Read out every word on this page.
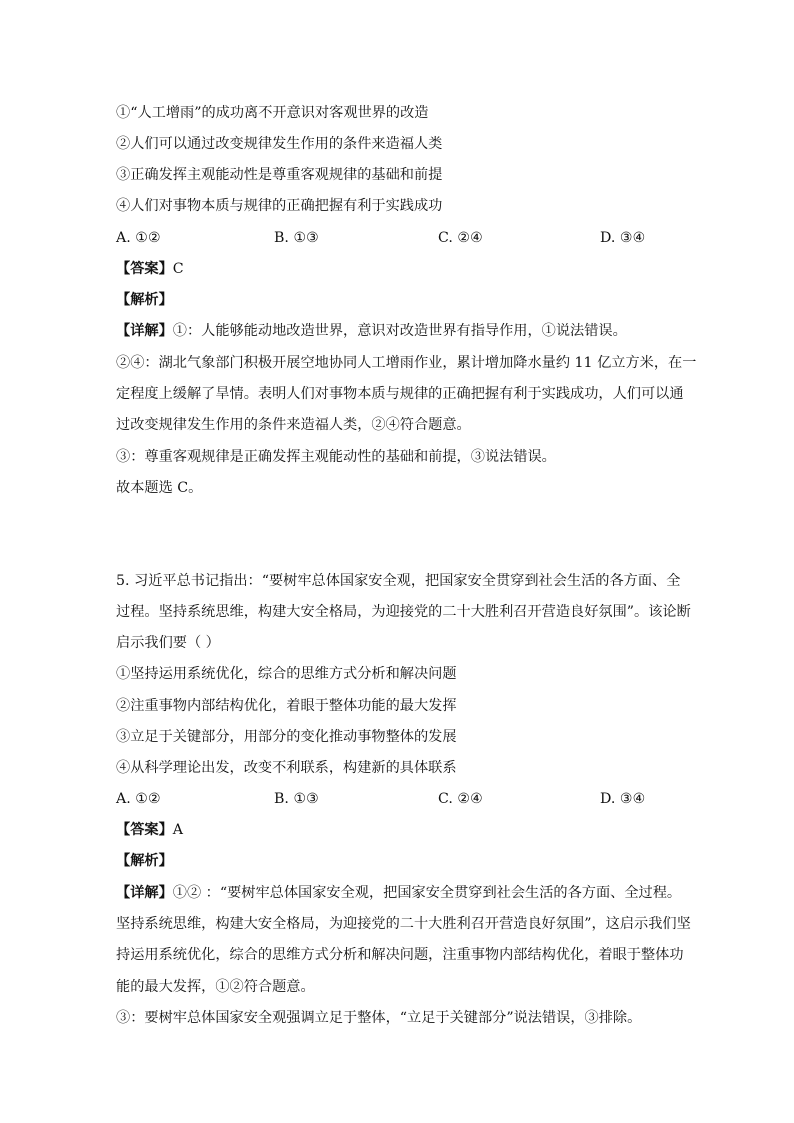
①“人工增雨”的成功离不开意识对客观世界的改造
②人们可以通过改变规律发生作用的条件来造福人类
③正确发挥主观能动性是尊重客观规律的基础和前提
④人们对事物本质与规律的正确把握有利于实践成功
A. ①②	B. ①③	C. ②④	D. ③④
【答案】C
【解析】
【详解】①：人能够能动地改造世界，意识对改造世界有指导作用，①说法错误。
②④：湖北气象部门积极开展空地协同人工增雨作业，累计增加降水量约 11 亿立方米，在一
定程度上缓解了旱情。表明人们对事物本质与规律的正确把握有利于实践成功，人们可以通
过改变规律发生作用的条件来造福人类，②④符合题意。
③：尊重客观规律是正确发挥主观能动性的基础和前提，③说法错误。
故本题选 C。
5. 习近平总书记指出：“要树牢总体国家安全观，把国家安全贯穿到社会生活的各方面、全
过程。坚持系统思维，构建大安全格局，为迎接党的二十大胜利召开营造良好氛围”。该论断
启示我们要（ ）
①坚持运用系统优化，综合的思维方式分析和解决问题
②注重事物内部结构优化，着眼于整体功能的最大发挥
③立足于关键部分，用部分的变化推动事物整体的发展
④从科学理论出发，改变不利联系，构建新的具体联系
A. ①②	B. ①③	C. ②④	D. ③④
【答案】A
【解析】
【详解】①② ：“要树牢总体国家安全观，把国家安全贯穿到社会生活的各方面、全过程。
坚持系统思维，构建大安全格局，为迎接党的二十大胜利召开营造良好氛围”，这启示我们坚
持运用系统优化，综合的思维方式分析和解决问题，注重事物内部结构优化，着眼于整体功
能的最大发挥，①②符合题意。
③：要树牢总体国家安全观强调立足于整体，“立足于关键部分”说法错误，③排除。
